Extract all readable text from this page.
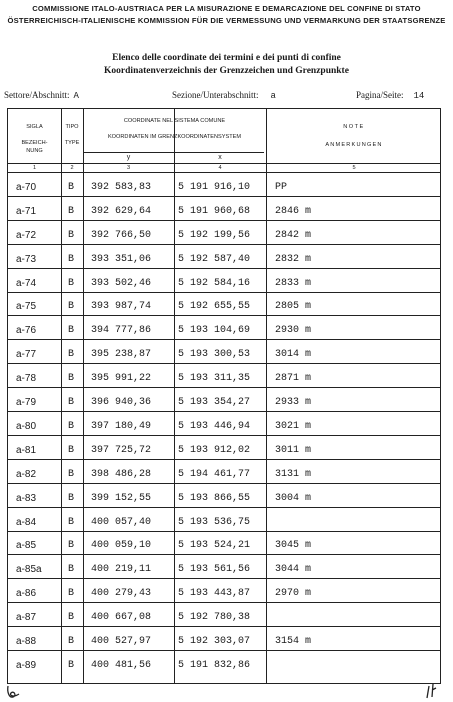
COMMISSIONE ITALO-AUSTRIACA PER LA MISURAZIONE E DEMARCAZIONE DEL CONFINE DI STATO
ÖSTERREICHISCH-ITALIENISCHE KOMMISSION FÜR DIE VERMESSUNG UND VERMARKUNG DER STAATSGRENZE
Elenco delle coordinate dei termini e dei punti di confine
Koordinatenverzeichnis der Grenzzeichen und Grenzpunkte
Settore/Abschnitt: A	Sezione/Unterabschnitt: a	Pagina/Seite: 14
SIGLA
BEZEICH-
NUNG
TIPO
TYPE
COORDINATE NEL SISTEMA COMUNE
KOORDINATEN IM GRENZKOORDINATENSYSTEM
y	x
NOTE
ANMERKUNGEN
1	2	3	4	5
a-70	B 392 583,83	5 191 916,10 PP
a-71	B 392 629,64	5 191 960,68 2846 m
a-72	B 392 766,50	5 192 199,56 2842 m
a-73	B 393 351,06	5 192 587,40 2832 m
a-74	B 393 502,46	5 192 584,16 2833 m
a-75	B 393 987,74	5 192 655,55 2805 m
a-76	B 394 777,86	5 193 104,69 2930 m
a-77	B 395 238,87	5 193 300,53 3014 m
a-78	B 395 991,22	5 193 311,35 2871 m
a-79	B 396 940,36	5 193 354,27 2933 m
a-80	B 397 180,49	5 193 446,94 3021 m
a-81	B 397 725,72	5 193 912,02 3011 m
a-82	B 398 486,28	5 194 461,77 3131 m
a-83	B 399 152,55	5 193 866,55 3004 m
a-84	B 400 057,40	5 193 536,75
a-85	B 400 059,10	5 193 524,21 3045 m
a-85a	B 400 219,11	5 193 561,56 3044 m
a-86	B 400 279,43	5 193 443,87 2970 m
a-87	B 400 667,08	5 192 780,38
a-88	B 400 527,97	5 192 303,07 3154 m
a-89	B 400 481,56	5 191 832,86
